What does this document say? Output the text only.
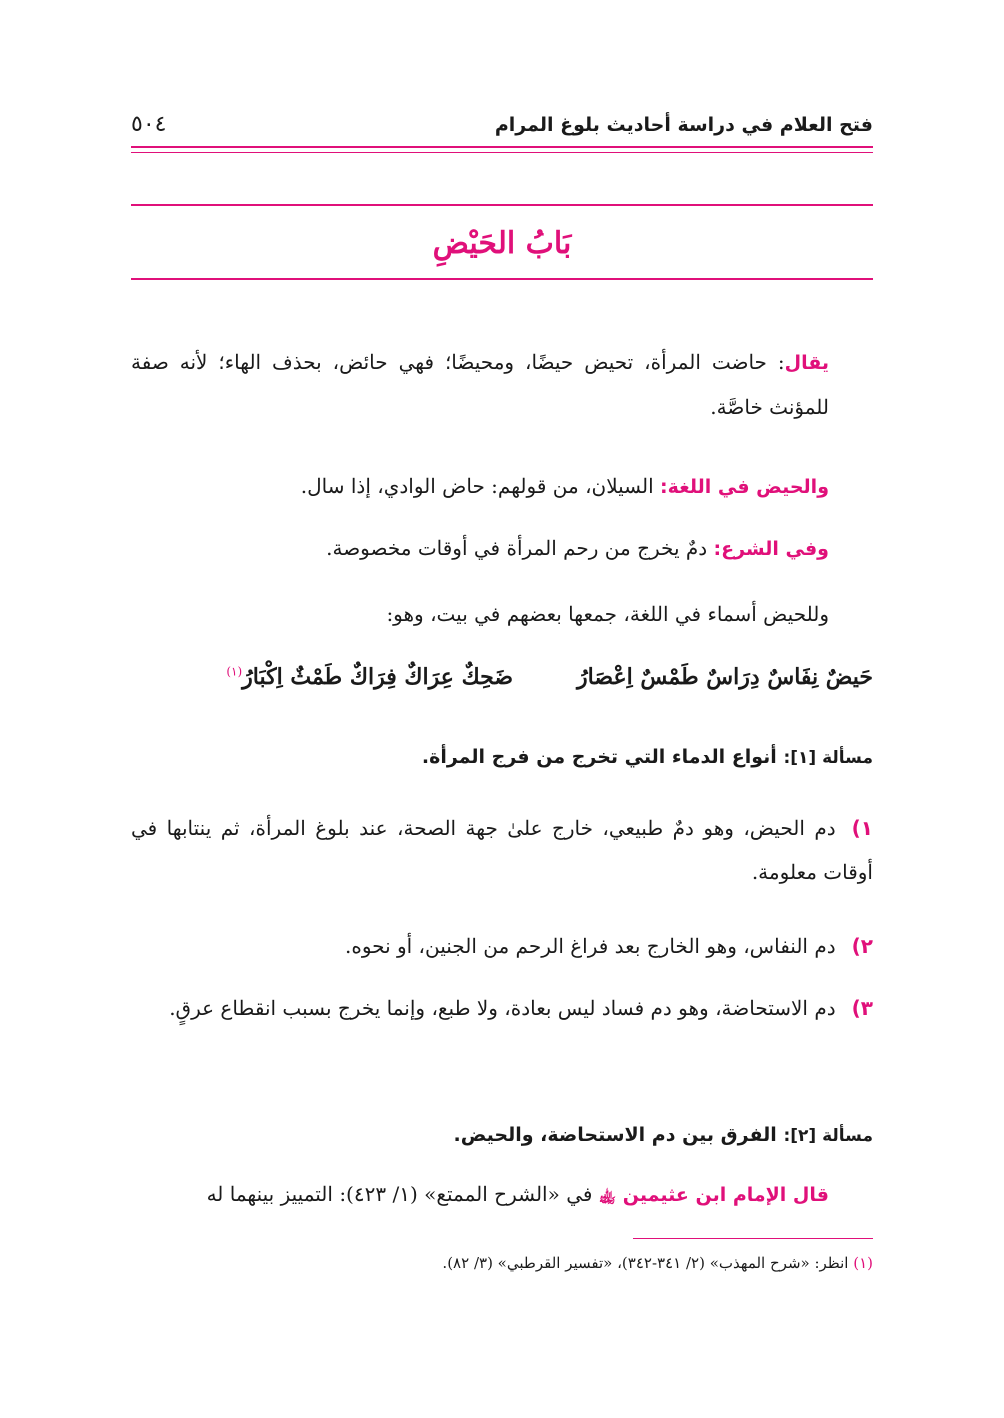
فتح العلام في دراسة أحاديث بلوغ المرام
٥٠٤
بَابُ الحَيْضِ
يقال: حاضت المرأة، تحيض حيضًا، ومحيضًا؛ فهي حائض، بحذف الهاء؛ لأنه صفة للمؤنث خاصَّة.
والحيض في اللغة: السيلان، من قولهم: حاض الوادي، إذا سال.
وفي الشرع: دمٌ يخرج من رحم المرأة في أوقات مخصوصة.
وللحيض أسماء في اللغة، جمعها بعضهم في بيت، وهو:
حَيضٌ نِفَاسٌ دِرَاسٌ طَمْسٌ اِعْصَارُ
ضَحِكٌ عِرَاكٌ فِرَاكٌ طَمْثٌ اِكْبَارُ$^{(١)}$
مسألة [١]: أنواع الدماء التي تخرج من فرج المرأة.
١)دم الحيض، وهو دمٌ طبيعي، خارج علىٰ جهة الصحة، عند بلوغ المرأة، ثم ينتابها في أوقات معلومة.
٢)دم النفاس، وهو الخارج بعد فراغ الرحم من الجنين، أو نحوه.
٣)دم الاستحاضة، وهو دم فساد ليس بعادة، ولا طبع، وإنما يخرج بسبب انقطاع عرقٍ.
مسألة [٢]: الفرق بين دم الاستحاضة، والحيض.
قال الإمام ابن عثيمين ﵀ في «الشرح الممتع» (١/ ٤٢٣): التمييز بينهما له
(١) انظر: «شرح المهذب» (٢/ ٣٤١-٣٤٢)، «تفسير القرطبي» (٣/ ٨٢).
